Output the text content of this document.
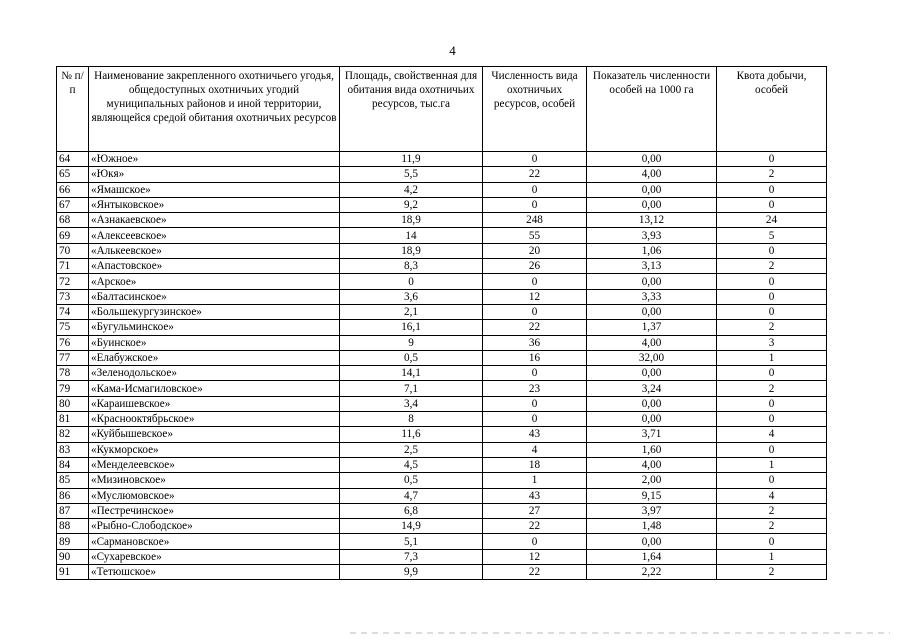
4
№ п/п	Наименование закрепленного охотничьего угодья, общедоступных охотничьих угодий муниципальных районов и иной территории, являющейся средой обитания охотничьих ресурсов	Площадь, свойственная для обитания вида охотничьих ресурсов, тыс.га	Численность вида охотничьих ресурсов, особей	Показатель численности особей на 1000 га	Квота добычи, особей
64	«Южное»	11,9	0	0,00	0
65	«Юкя»	5,5	22	4,00	2
66	«Ямашское»	4,2	0	0,00	0
67	«Янтыковское»	9,2	0	0,00	0
68	«Азнакаевское»	18,9	248	13,12	24
69	«Алексеевское»	14	55	3,93	5
70	«Алькеевское»	18,9	20	1,06	0
71	«Апастовское»	8,3	26	3,13	2
72	«Арское»	0	0	0,00	0
73	«Балтасинское»	3,6	12	3,33	0
74	«Большекургузинское»	2,1	0	0,00	0
75	«Бугульминское»	16,1	22	1,37	2
76	«Буинское»	9	36	4,00	3
77	«Елабужское»	0,5	16	32,00	1
78	«Зеленодольское»	14,1	0	0,00	0
79	«Кама-Исмагиловское»	7,1	23	3,24	2
80	«Караишевское»	3,4	0	0,00	0
81	«Краснооктябрьское»	8	0	0,00	0
82	«Куйбышевское»	11,6	43	3,71	4
83	«Кукморское»	2,5	4	1,60	0
84	«Менделеевское»	4,5	18	4,00	1
85	«Мизиновское»	0,5	1	2,00	0
86	«Муслюмовское»	4,7	43	9,15	4
87	«Пестречинское»	6,8	27	3,97	2
88	«Рыбно-Слободское»	14,9	22	1,48	2
89	«Сармановское»	5,1	0	0,00	0
90	«Сухаревское»	7,3	12	1,64	1
91	«Тетюшское»	9,9	22	2,22	2
